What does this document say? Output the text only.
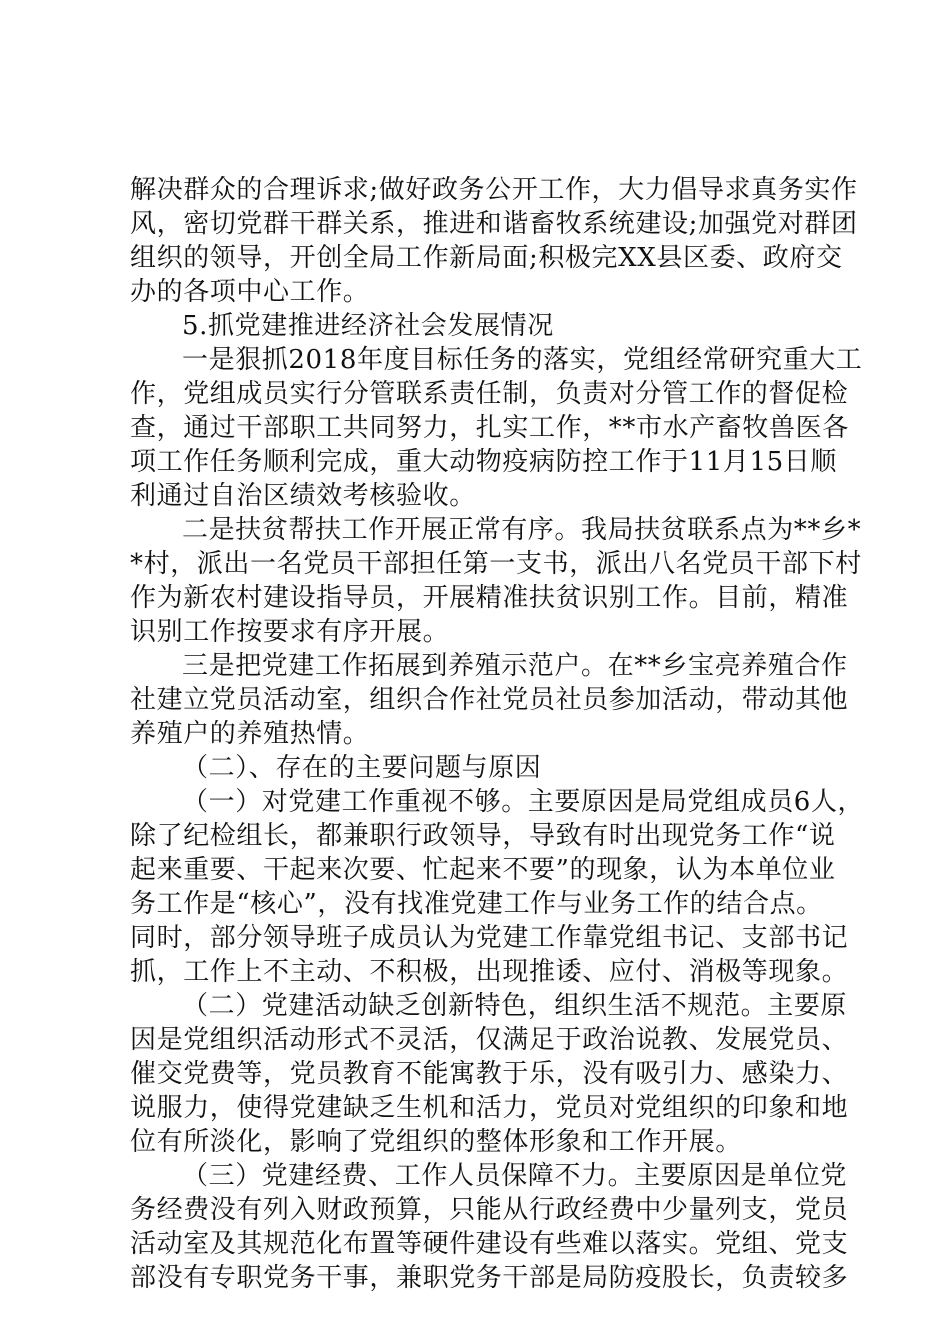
解决群众的合理诉求;做好政务公开工作，大力倡导求真务实作
风，密切党群干群关系，推进和谐畜牧系统建设;加强党对群团
组织的领导，开创全局工作新局面;积极完XX县区委、政府交
办的各项中心工作。
5.抓党建推进经济社会发展情况
一是狠抓2018年度目标任务的落实，党组经常研究重大工
作，党组成员实行分管联系责任制，负责对分管工作的督促检
查，通过干部职工共同努力，扎实工作，**市水产畜牧兽医各
项工作任务顺利完成，重大动物疫病防控工作于11月15日顺
利通过自治区绩效考核验收。
二是扶贫帮扶工作开展正常有序。我局扶贫联系点为**乡*
*村，派出一名党员干部担任第一支书，派出八名党员干部下村
作为新农村建设指导员，开展精准扶贫识别工作。目前，精准
识别工作按要求有序开展。
三是把党建工作拓展到养殖示范户。在**乡宝亮养殖合作
社建立党员活动室，组织合作社党员社员参加活动，带动其他
养殖户的养殖热情。
（二）、存在的主要问题与原因
（一）对党建工作重视不够。主要原因是局党组成员6人，
除了纪检组长，都兼职行政领导，导致有时出现党务工作“说
起来重要、干起来次要、忙起来不要”的现象，认为本单位业
务工作是“核心”，没有找准党建工作与业务工作的结合点。
同时，部分领导班子成员认为党建工作靠党组书记、支部书记
抓，工作上不主动、不积极，出现推诿、应付、消极等现象。
（二）党建活动缺乏创新特色，组织生活不规范。主要原
因是党组织活动形式不灵活，仅满足于政治说教、发展党员、
催交党费等，党员教育不能寓教于乐，没有吸引力、感染力、
说服力，使得党建缺乏生机和活力，党员对党组织的印象和地
位有所淡化，影响了党组织的整体形象和工作开展。
（三）党建经费、工作人员保障不力。主要原因是单位党
务经费没有列入财政预算，只能从行政经费中少量列支，党员
活动室及其规范化布置等硬件建设有些难以落实。党组、党支
部没有专职党务干事，兼职党务干部是局防疫股长，负责较多
